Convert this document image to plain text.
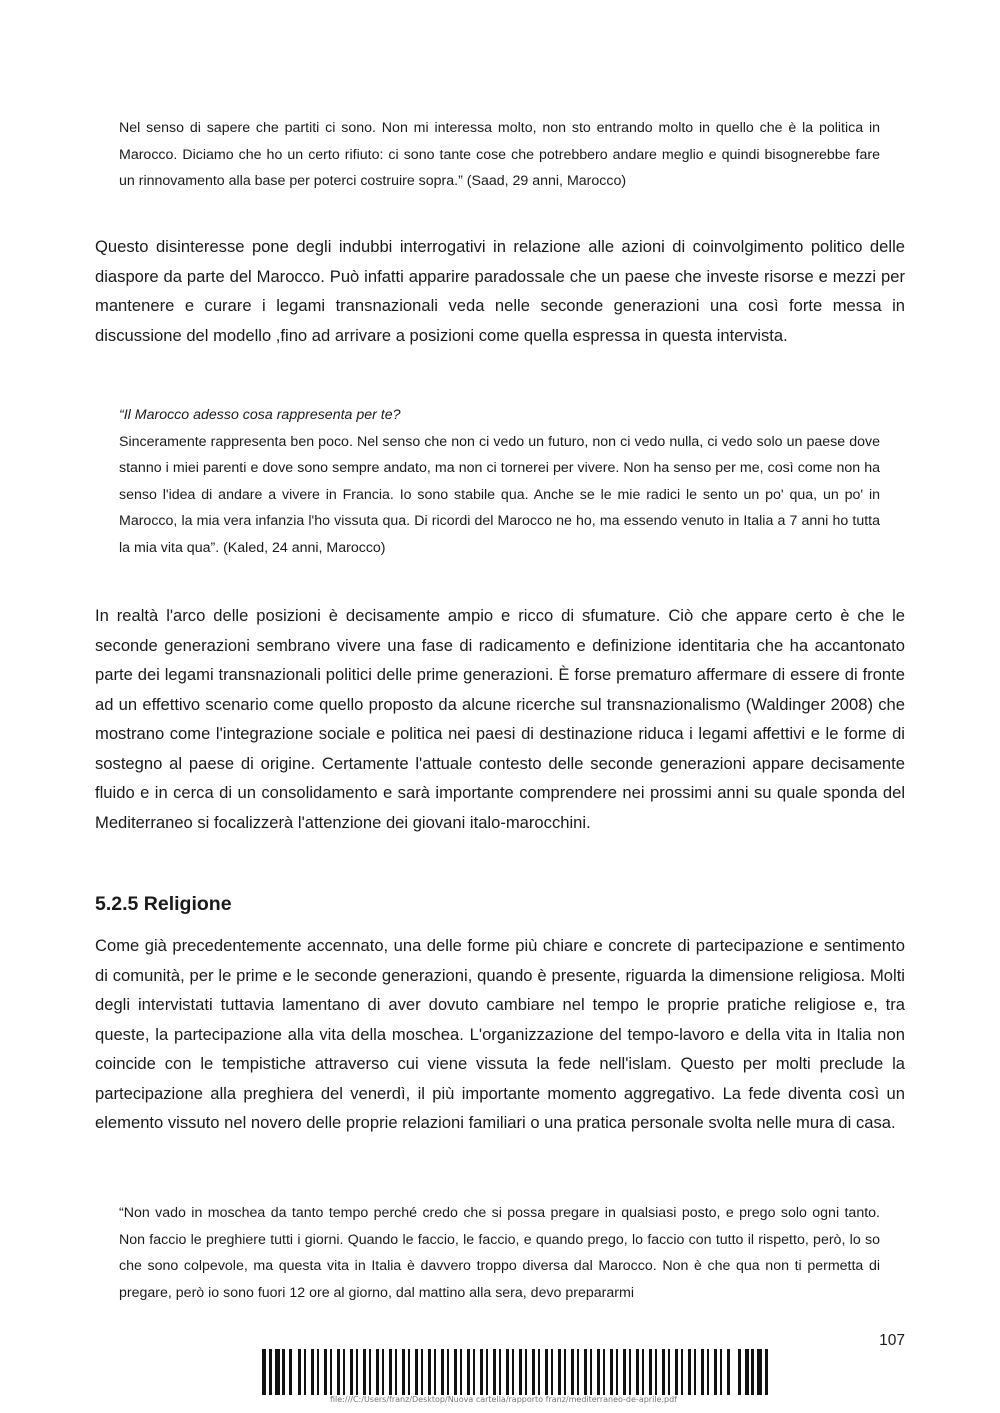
Nel senso di sapere che partiti ci sono. Non mi interessa molto, non sto entrando molto in quello che è la politica in Marocco. Diciamo che ho un certo rifiuto: ci sono tante cose che potrebbero andare meglio e quindi bisognerebbe fare un rinnovamento alla base per poterci costruire sopra.” (Saad, 29 anni, Marocco)

Questo disinteresse pone degli indubbi interrogativi in relazione alle azioni di coinvolgimento politico delle diaspore da parte del Marocco. Può infatti apparire paradossale che un paese che investe risorse e mezzi per mantenere e curare i legami transnazionali veda nelle seconde generazioni una così forte messa in discussione del modello ,fino ad arrivare a posizioni come quella espressa in questa intervista.

“Il Marocco adesso cosa rappresenta per te?

Sinceramente rappresenta ben poco. Nel senso che non ci vedo un futuro, non ci vedo nulla, ci vedo solo un paese dove stanno i miei parenti e dove sono sempre andato, ma non ci tornerei per vivere. Non ha senso per me, così come non ha senso l'idea di andare a vivere in Francia. Io sono stabile qua. Anche se le mie radici le sento un po' qua, un po' in Marocco, la mia vera infanzia l'ho vissuta qua. Di ricordi del Marocco ne ho, ma essendo venuto in Italia a 7 anni ho tutta la mia vita qua”. (Kaled, 24 anni, Marocco)

In realtà l'arco delle posizioni è decisamente ampio e ricco di sfumature. Ciò che appare certo è che le seconde generazioni sembrano vivere una fase di radicamento e definizione identitaria che ha accantonato parte dei legami transnazionali politici delle prime generazioni. È forse prematuro affermare di essere di fronte ad un effettivo scenario come quello proposto da alcune ricerche sul transnazionalismo (Waldinger 2008) che mostrano come l'integrazione sociale e politica nei paesi di destinazione riduca i legami affettivi e le forme di sostegno al paese di origine. Certamente l'attuale contesto delle seconde generazioni appare decisamente fluido e in cerca di un consolidamento e sarà importante comprendere nei prossimi anni su quale sponda del Mediterraneo si focalizzerà l'attenzione dei giovani italo-marocchini.

5.2.5 Religione

Come già precedentemente accennato, una delle forme più chiare e concrete di partecipazione e sentimento di comunità, per le prime e le seconde generazioni, quando è presente, riguarda la dimensione religiosa. Molti degli intervistati tuttavia lamentano di aver dovuto cambiare nel tempo le proprie pratiche religiose e, tra queste, la partecipazione alla vita della moschea. L'organizzazione del tempo-lavoro e della vita in Italia non coincide con le tempistiche attraverso cui viene vissuta la fede nell'islam. Questo per molti preclude la partecipazione alla preghiera del venerdì, il più importante momento aggregativo. La fede diventa così un elemento vissuto nel novero delle proprie relazioni familiari o una pratica personale svolta nelle mura di casa.

“Non vado in moschea da tanto tempo perché credo che si possa pregare in qualsiasi posto, e prego solo ogni tanto. Non faccio le preghiere tutti i giorni. Quando le faccio, le faccio, e quando prego, lo faccio con tutto il rispetto, però, lo so che sono colpevole, ma questa vita in Italia è davvero troppo diversa dal Marocco. Non è che qua non ti permetta di pregare, però io sono fuori 12 ore al giorno, dal mattino alla sera, devo prepararmi

107
file:///C:/Users/franz/Desktop/Nuova cartella/rapporto franz/mediterraneo-de-aprile.pdf
